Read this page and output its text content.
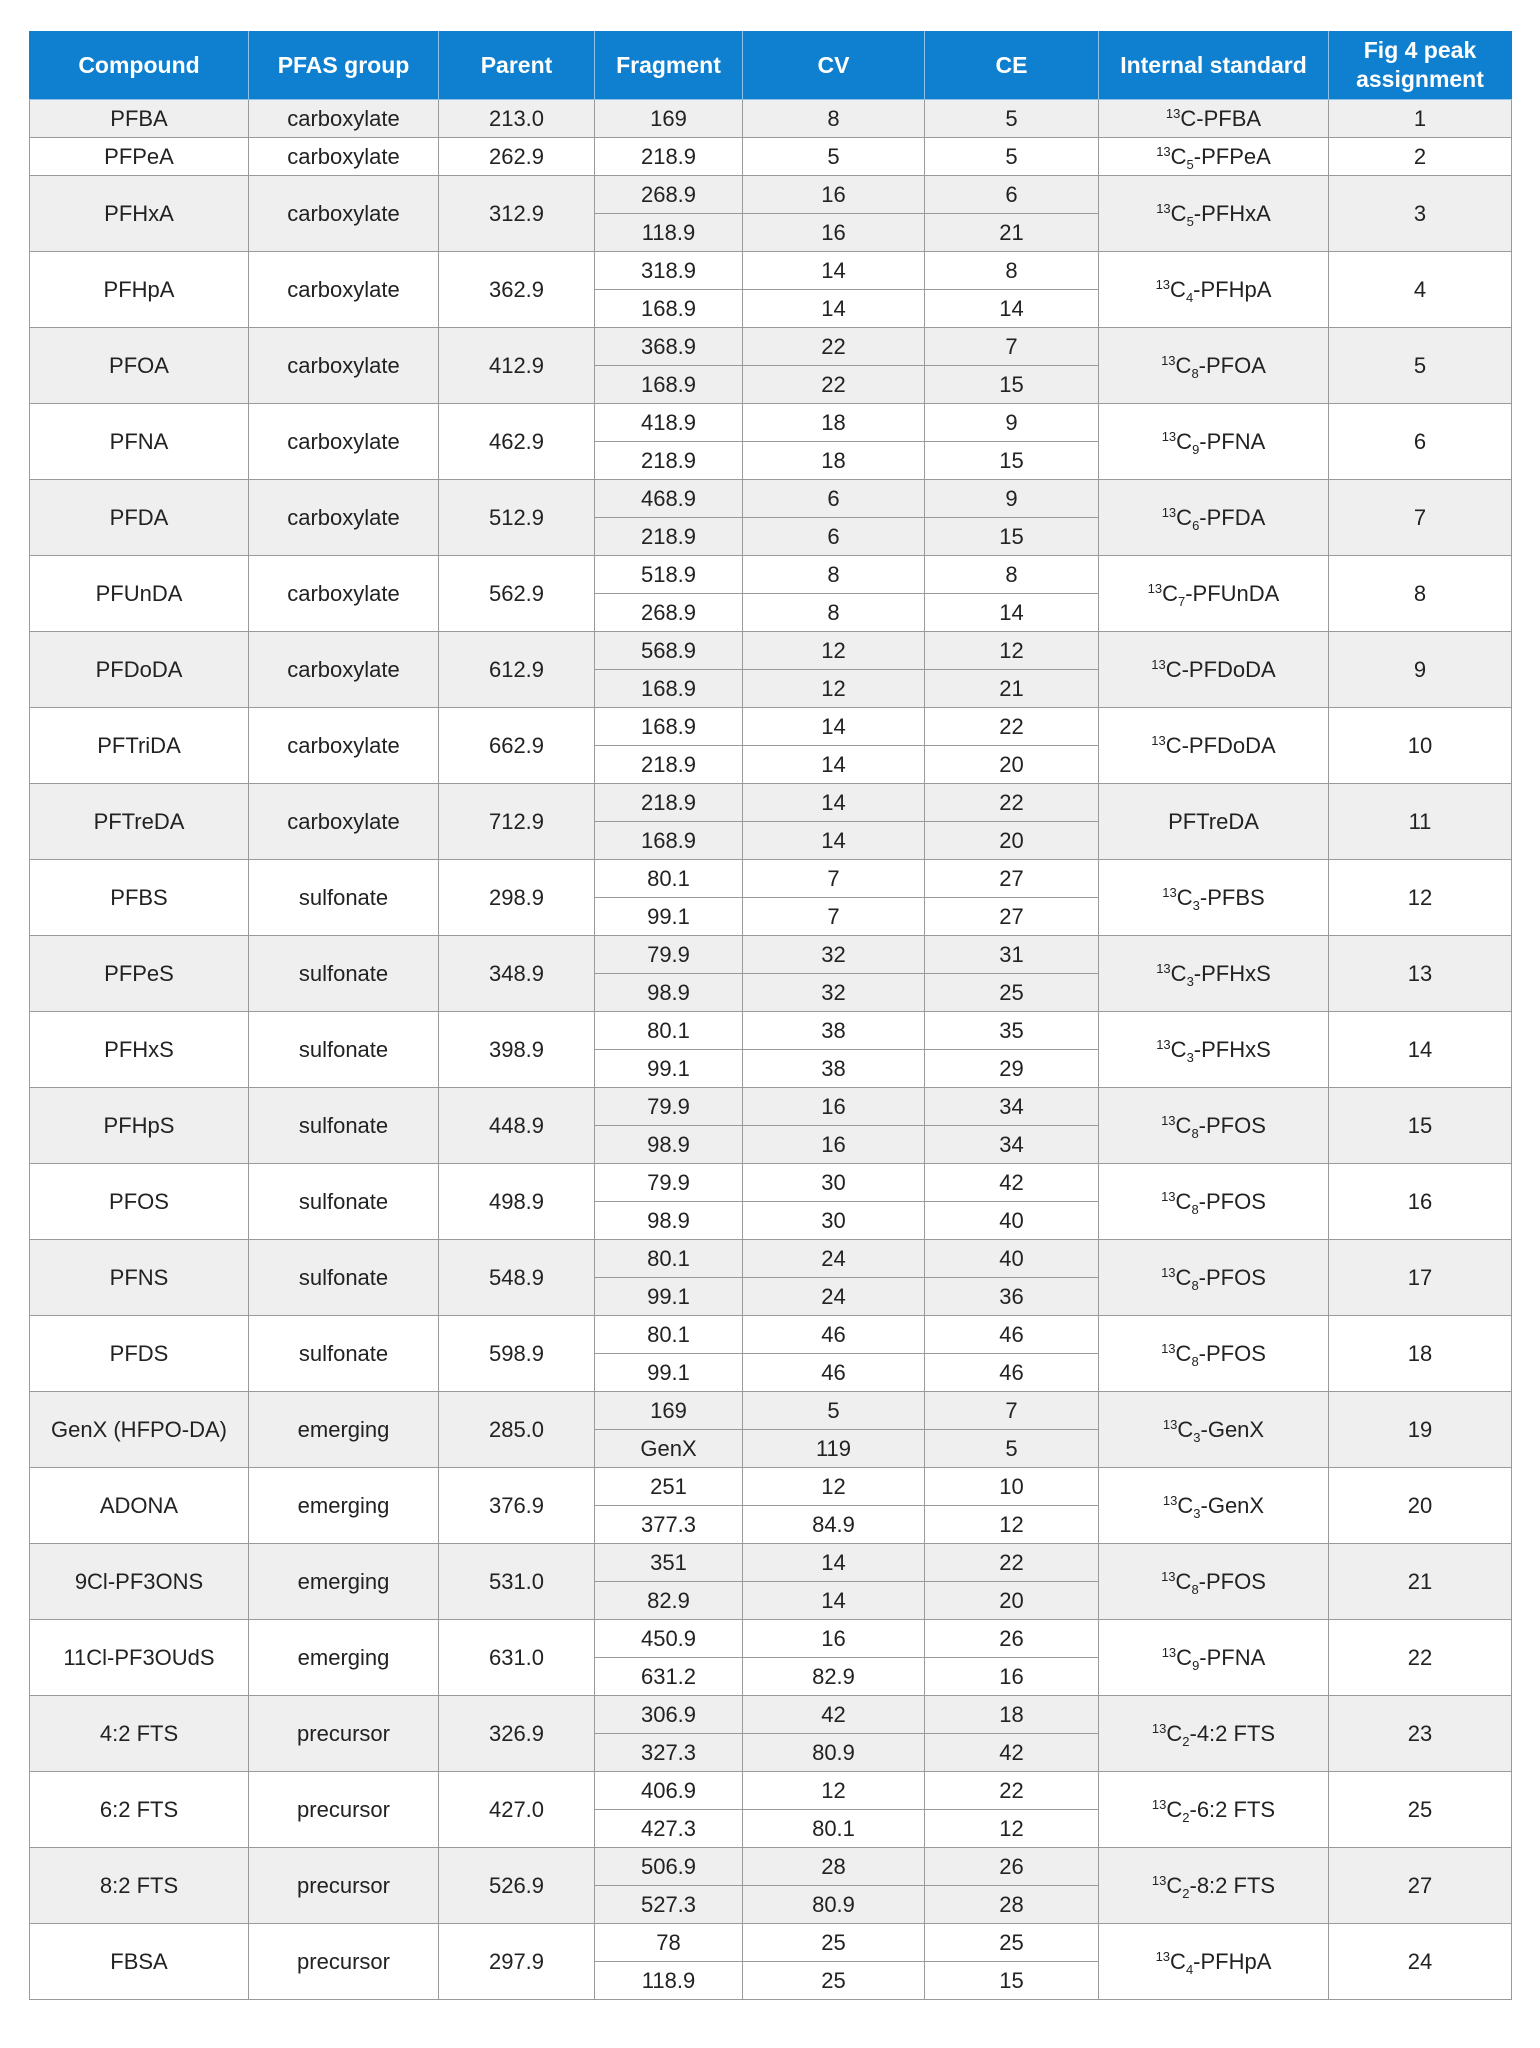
Compound	PFAS group	Parent	Fragment	CV	CE	Internal standard	Fig 4 peak assignment
PFBA	carboxylate	213.0	169	8	5	$^{13}$C-PFBA	1
PFPeA	carboxylate	262.9	218.9	5	5	$^{13}C_5$-PFPeA	2
PFHxA	carboxylate	312.9	268.9	16	6	$^{13}C_5$-PFHxA	3
			118.9	16	21		
PFHpA	carboxylate	362.9	318.9	14	8	$^{13}C_4$-PFHpA	4
			168.9	14	14		
PFOA	carboxylate	412.9	368.9	22	7	$^{13}C_8$-PFOA	5
			168.9	22	15		
PFNA	carboxylate	462.9	418.9	18	9	$^{13}C_9$-PFNA	6
			218.9	18	15		
PFDA	carboxylate	512.9	468.9	6	9	$^{13}C_6$-PFDA	7
			218.9	6	15		
PFUnDA	carboxylate	562.9	518.9	8	8	$^{13}C_7$-PFUnDA	8
			268.9	8	14		
PFDoDA	carboxylate	612.9	568.9	12	12	$^{13}$C-PFDoDA	9
			168.9	12	21		
PFTriDA	carboxylate	662.9	168.9	14	22	$^{13}$C-PFDoDA	10
			218.9	14	20		
PFTreDA	carboxylate	712.9	218.9	14	22	PFTreDA	11
			168.9	14	20		
PFBS	sulfonate	298.9	80.1	7	27	$^{13}C_3$-PFBS	12
			99.1	7	27		
PFPeS	sulfonate	348.9	79.9	32	31	$^{13}C_3$-PFHxS	13
			98.9	32	25		
PFHxS	sulfonate	398.9	80.1	38	35	$^{13}C_3$-PFHxS	14
			99.1	38	29		
PFHpS	sulfonate	448.9	79.9	16	34	$^{13}C_8$-PFOS	15
			98.9	16	34		
PFOS	sulfonate	498.9	79.9	30	42	$^{13}C_8$-PFOS	16
			98.9	30	40		
PFNS	sulfonate	548.9	80.1	24	40	$^{13}C_8$-PFOS	17
			99.1	24	36		
PFDS	sulfonate	598.9	80.1	46	46	$^{13}C_8$-PFOS	18
			99.1	46	46		
GenX (HFPO-DA)	emerging	285.0	169	5	7	$^{13}C_3$-GenX	19
			GenX	119	5		
ADONA	emerging	376.9	251	12	10	$^{13}C_3$-GenX	20
			377.3	84.9	12		
9Cl-PF3ONS	emerging	531.0	351	14	22	$^{13}C_8$-PFOS	21
			82.9	14	20		
11Cl-PF3OUdS	emerging	631.0	450.9	16	26	$^{13}C_9$-PFNA	22
			631.2	82.9	16		
4:2 FTS	precursor	326.9	306.9	42	18	$^{13}C_2-4:2$ FTS	23
			327.3	80.9	42		
6:2 FTS	precursor	427.0	406.9	12	22	$^{13}C_2-6:2$ FTS	25
			427.3	80.1	12		
8:2 FTS	precursor	526.9	506.9	28	26	$^{13}C_2-8:2$ FTS	27
			527.3	80.9	28		
FBSA	precursor	297.9	78	25	25	$^{13}C_4$-PFHpA	24
			118.9	25	15		
